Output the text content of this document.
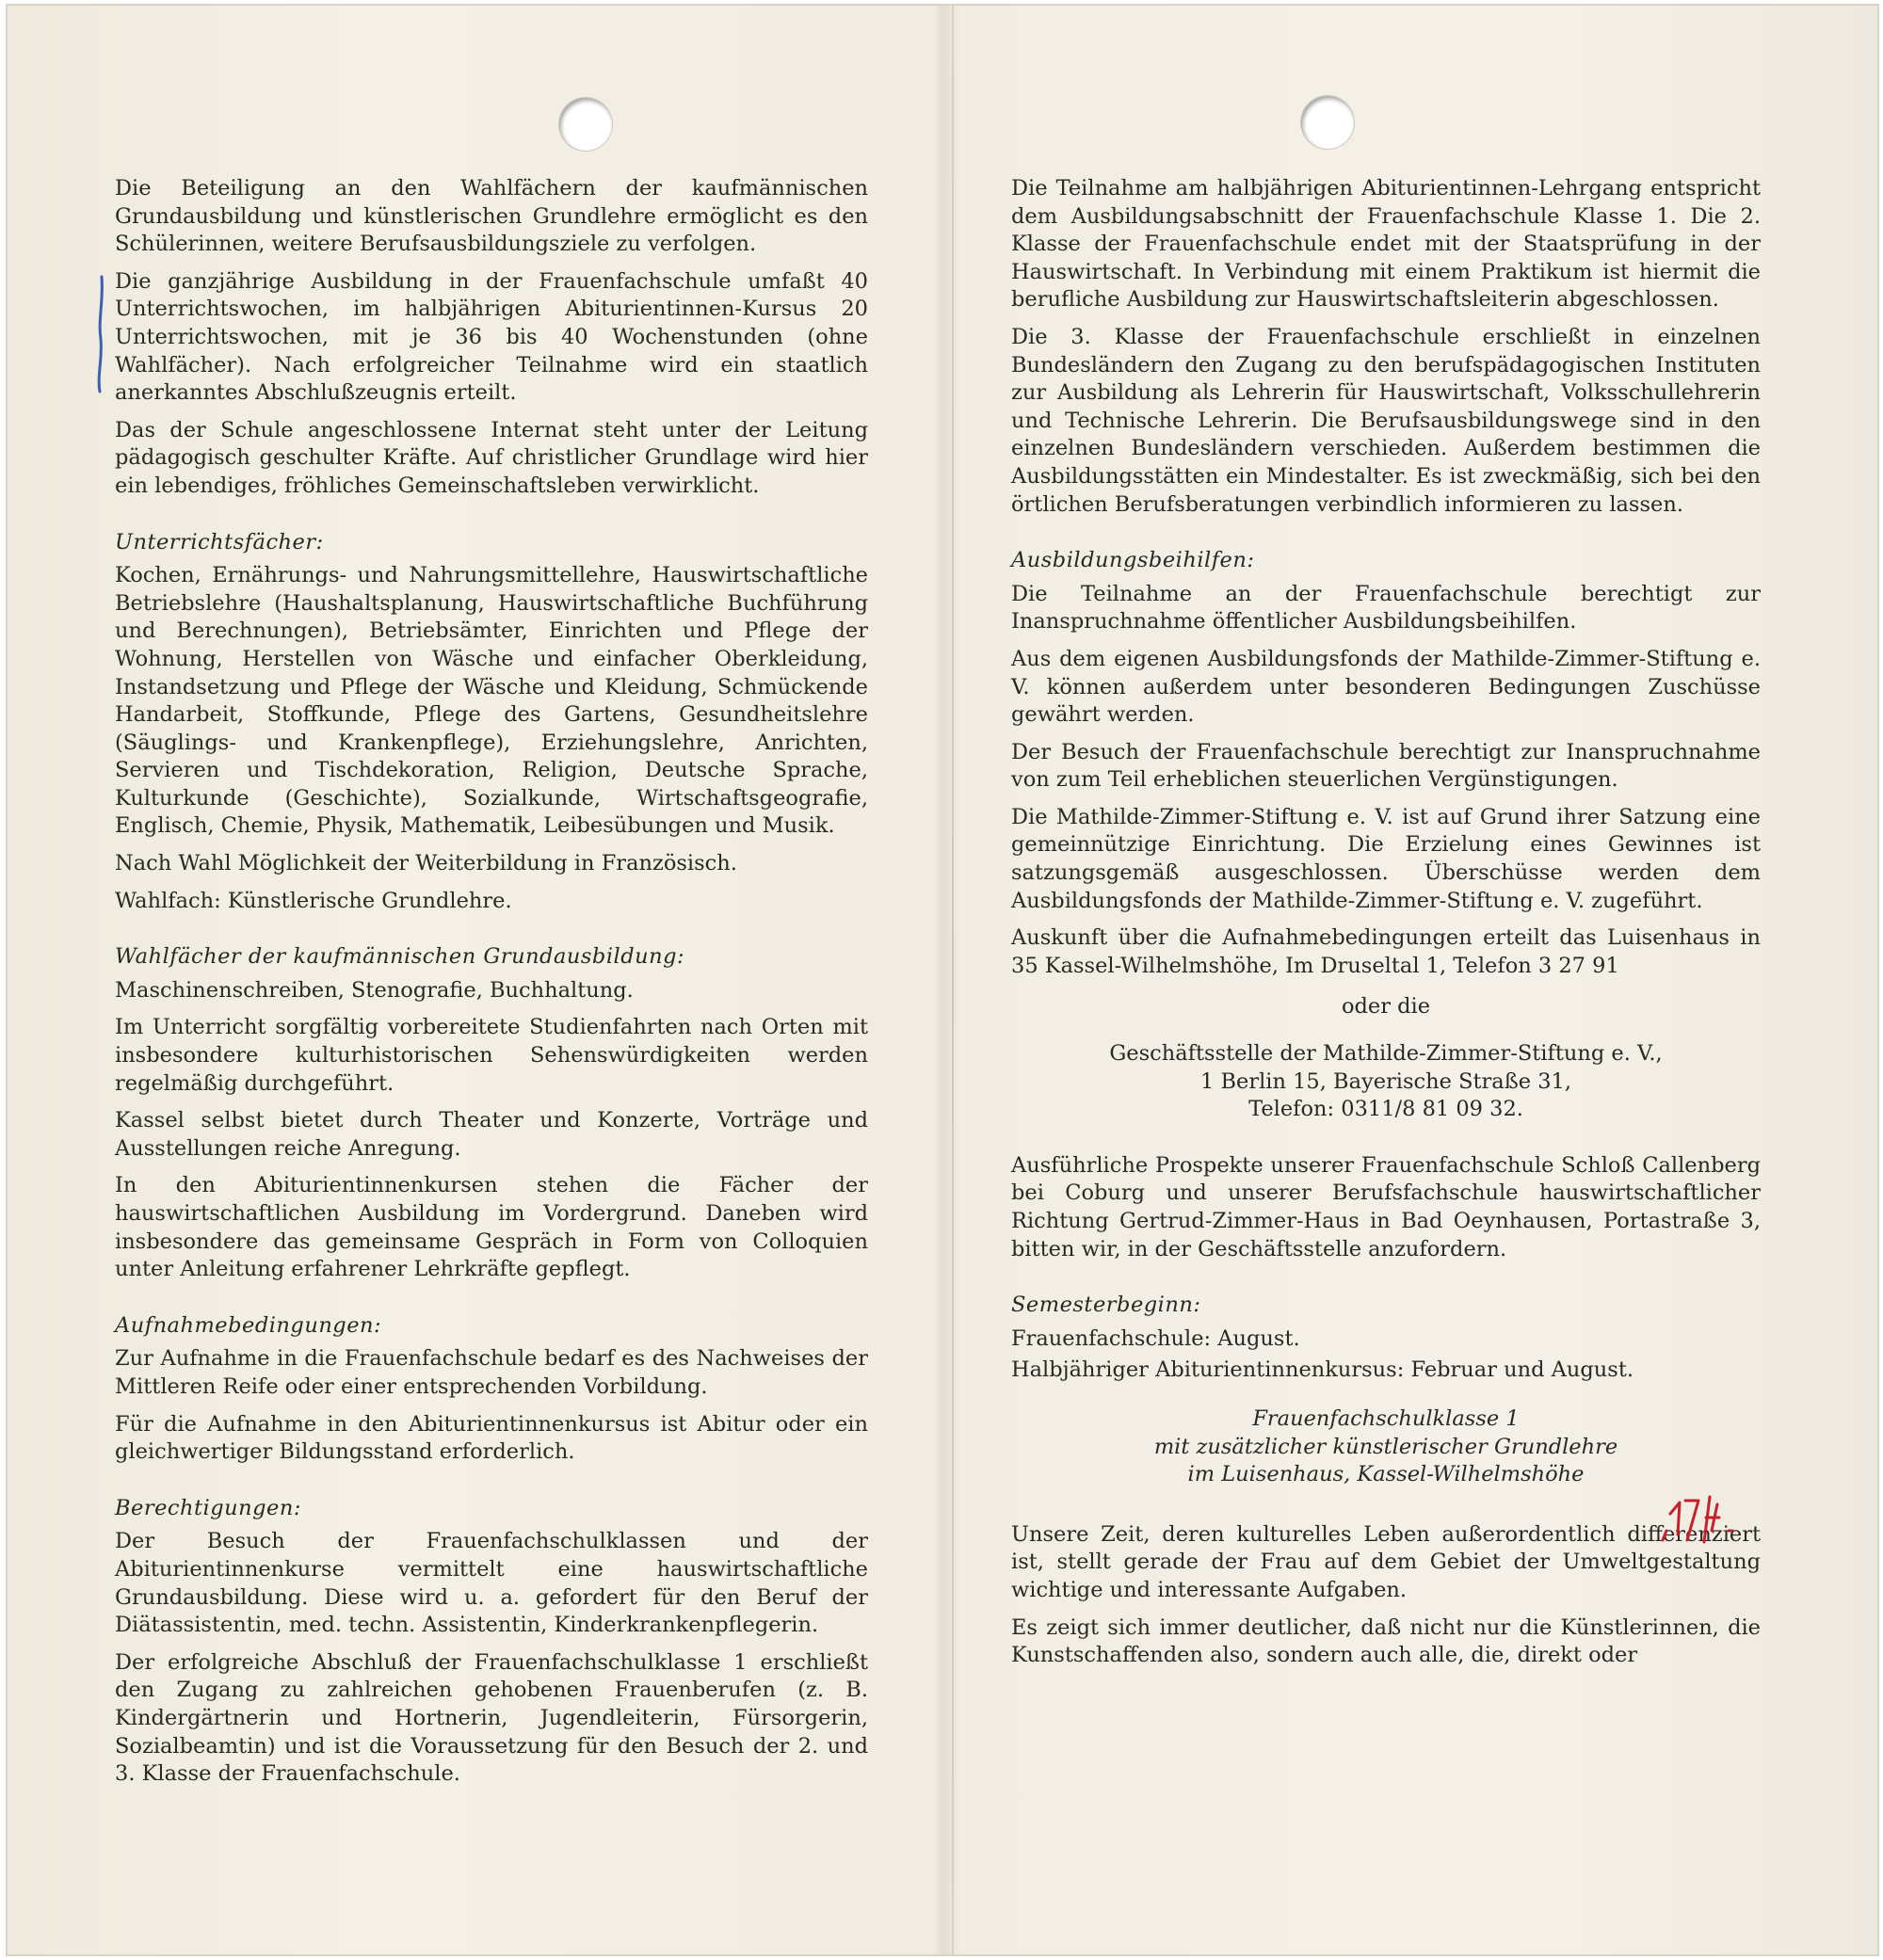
Die Beteiligung an den Wahlfächern der kaufmännischen Grundausbildung und künstlerischen Grundlehre ermöglicht es den Schülerinnen, weitere Berufsausbildungsziele zu verfolgen.

Die ganzjährige Ausbildung in der Frauenfachschule umfaßt 40 Unterrichtswochen, im halbjährigen Abiturientinnen-Kursus 20 Unterrichtswochen, mit je 36 bis 40 Wochenstunden (ohne Wahlfächer). Nach erfolgreicher Teilnahme wird ein staatlich anerkanntes Abschlußzeugnis erteilt.

Das der Schule angeschlossene Internat steht unter der Leitung pädagogisch geschulter Kräfte. Auf christlicher Grundlage wird hier ein lebendiges, fröhliches Gemeinschaftsleben verwirklicht.

Unterrichtsfächer:

Kochen, Ernährungs- und Nahrungsmittellehre, Hauswirtschaftliche Betriebslehre (Haushaltsplanung, Hauswirtschaftliche Buchführung und Berechnungen), Betriebsämter, Einrichten und Pflege der Wohnung, Herstellen von Wäsche und einfacher Oberkleidung, Instandsetzung und Pflege der Wäsche und Kleidung, Schmückende Handarbeit, Stoffkunde, Pflege des Gartens, Gesundheitslehre (Säuglings- und Krankenpflege), Erziehungslehre, Anrichten, Servieren und Tischdekoration, Religion, Deutsche Sprache, Kulturkunde (Geschichte), Sozialkunde, Wirtschaftsgeografie, Englisch, Chemie, Physik, Mathematik, Leibesübungen und Musik.

Nach Wahl Möglichkeit der Weiterbildung in Französisch.

Wahlfach: Künstlerische Grundlehre.

Wahlfächer der kaufmännischen Grundausbildung:

Maschinenschreiben, Stenografie, Buchhaltung.

Im Unterricht sorgfältig vorbereitete Studienfahrten nach Orten mit insbesondere kulturhistorischen Sehenswürdigkeiten werden regelmäßig durchgeführt.

Kassel selbst bietet durch Theater und Konzerte, Vorträge und Ausstellungen reiche Anregung.

In den Abiturientinnenkursen stehen die Fächer der hauswirtschaftlichen Ausbildung im Vordergrund. Daneben wird insbesondere das gemeinsame Gespräch in Form von Colloquien unter Anleitung erfahrener Lehrkräfte gepflegt.

Aufnahmebedingungen:

Zur Aufnahme in die Frauenfachschule bedarf es des Nachweises der Mittleren Reife oder einer entsprechenden Vorbildung.

Für die Aufnahme in den Abiturientinnenkursus ist Abitur oder ein gleichwertiger Bildungsstand erforderlich.

Berechtigungen:

Der Besuch der Frauenfachschulklassen und der Abiturientinnenkurse vermittelt eine hauswirtschaftliche Grundausbildung. Diese wird u. a. gefordert für den Beruf der Diätassistentin, med. techn. Assistentin, Kinderkrankenpflegerin.

Der erfolgreiche Abschluß der Frauenfachschulklasse 1 erschließt den Zugang zu zahlreichen gehobenen Frauenberufen (z. B. Kindergärtnerin und Hortnerin, Jugendleiterin, Fürsorgerin, Sozialbeamtin) und ist die Voraussetzung für den Besuch der 2. und 3. Klasse der Frauenfachschule.

Die Teilnahme am halbjährigen Abiturientinnen-Lehrgang entspricht dem Ausbildungsabschnitt der Frauenfachschule Klasse 1. Die 2. Klasse der Frauenfachschule endet mit der Staatsprüfung in der Hauswirtschaft. In Verbindung mit einem Praktikum ist hiermit die berufliche Ausbildung zur Hauswirtschaftsleiterin abgeschlossen.

Die 3. Klasse der Frauenfachschule erschließt in einzelnen Bundesländern den Zugang zu den berufspädagogischen Instituten zur Ausbildung als Lehrerin für Hauswirtschaft, Volksschullehrerin und Technische Lehrerin. Die Berufsausbildungswege sind in den einzelnen Bundesländern verschieden. Außerdem bestimmen die Ausbildungsstätten ein Mindestalter. Es ist zweckmäßig, sich bei den örtlichen Berufsberatungen verbindlich informieren zu lassen.

Ausbildungsbeihilfen:

Die Teilnahme an der Frauenfachschule berechtigt zur Inanspruchnahme öffentlicher Ausbildungsbeihilfen.

Aus dem eigenen Ausbildungsfonds der Mathilde-Zimmer-Stiftung e. V. können außerdem unter besonderen Bedingungen Zuschüsse gewährt werden.

Der Besuch der Frauenfachschule berechtigt zur Inanspruchnahme von zum Teil erheblichen steuerlichen Vergünstigungen.

Die Mathilde-Zimmer-Stiftung e. V. ist auf Grund ihrer Satzung eine gemeinnützige Einrichtung. Die Erzielung eines Gewinnes ist satzungsgemäß ausgeschlossen. Überschüsse werden dem Ausbildungsfonds der Mathilde-Zimmer-Stiftung e. V. zugeführt.

Auskunft über die Aufnahmebedingungen erteilt das Luisenhaus in 35 Kassel-Wilhelmshöhe, Im Druseltal 1, Telefon 3 27 91

oder die
Geschäftsstelle der Mathilde-Zimmer-Stiftung e. V.,
1 Berlin 15, Bayerische Straße 31,
Telefon: 0311/8 81 09 32.

Ausführliche Prospekte unserer Frauenfachschule Schloß Callenberg bei Coburg und unserer Berufsfachschule hauswirtschaftlicher Richtung Gertrud-Zimmer-Haus in Bad Oeynhausen, Portastraße 3, bitten wir, in der Geschäftsstelle anzufordern.

Semesterbeginn:

Frauenfachschule: August.

Halbjähriger Abiturientinnenkursus: Februar und August.

Frauenfachschulklasse 1
mit zusätzlicher künstlerischer Grundlehre
im Luisenhaus, Kassel-Wilhelmshöhe

Unsere Zeit, deren kulturelles Leben außerordentlich differenziert ist, stellt gerade der Frau auf dem Gebiet der Umweltgestaltung wichtige und interessante Aufgaben.

Es zeigt sich immer deutlicher, daß nicht nur die Künstlerinnen, die Kunstschaffenden also, sondern auch alle, die, direkt oder
